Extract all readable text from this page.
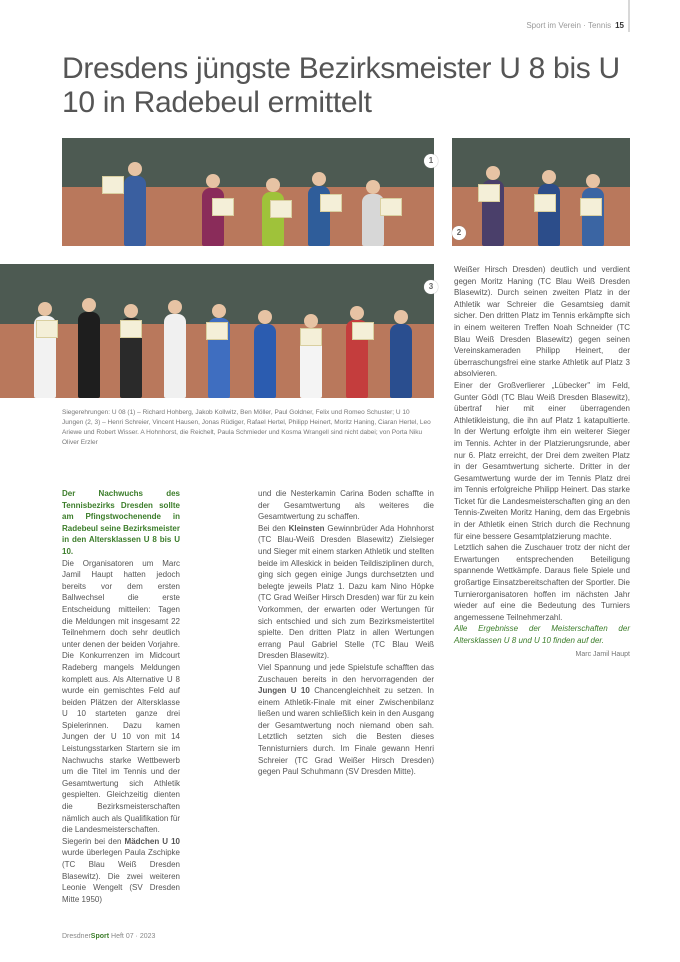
Sport im Verein · Tennis 15
Dresdens jüngste Bezirksmeister U 8 bis U 10 in Radebeul ermittelt
1
2
3
Siegerehrungen: U 08 (1) – Richard Hohberg, Jakob Kollwitz, Ben Möller, Paul Goldner, Felix und Romeo Schuster; U 10 Jungen (2, 3) – Henri Schreier, Vincent Hausen, Jonas Rüdiger, Rafael Hertel, Philipp Heinert, Moritz Haning, Ciaran Hertel, Leo Ariewe und Robert Wisser. A Hohnhorst, die Reichelt, Paula Schmieder und Kosma Wrangell sind nicht dabei; von Porta Niku Oliver Erzler

Der Nachwuchs des Tennisbezirks Dresden sollte am Pfingstwochenende in Radebeul seine Bezirksmeister in den Altersklassen U 8 bis U 10.

Die Organisatoren um Marc Jamil Haupt hatten jedoch bereits vor dem ersten Ballwechsel die erste Entscheidung mitteilen: Tagen die Meldungen mit insgesamt 22 Teilnehmern doch sehr deutlich unter denen der beiden Vorjahre. Die Konkurrenzen im Midcourt Radeberg mangels Meldungen komplett aus. Als Alternative U 8 wurde ein gemischtes Feld auf beiden Plätzen der Altersklasse U 10 starteten ganze drei Spielerinnen. Dazu kamen Jungen der U 10 von mit 14 Leistungsstarken Startern sie im Nachwuchs starke Wettbewerb um die Titel im Tennis und der Gesamtwertung sich Athletik gespielten. Gleichzeitig dienten die Bezirksmeisterschaften nämlich auch als Qualifikation für die Landesmeisterschaften.

Siegerin bei den Mädchen U 10 wurde überlegen Paula Zschipke (TC Blau Weiß Dresden Blasewitz). Die zwei weiteren Leonie Wengelt (SV Dresden Mitte 1950)

und die Nesterkamin Carina Boden schaffte in der Gesamtwertung als weiteres die Gesamtwertung zu schaffen.

Bei den Kleinsten Gewinnbrüder Ada Hohnhorst (TC Blau-Weiß Dresden Blasewitz) Zielsieger und Sieger mit einem starken Athletik und stellten beide im Alleskick in beiden Teildisziplinen durch, ging sich gegen einige Jungs durchsetzten und belegte jeweils Platz 1. Dazu kam Nino Höpke (TC Grad Weißer Hirsch Dresden) war für zu kein Vorkommen, der erwarten oder Wertungen für sich entschied und sich zum Bezirksmeistertitel spielte. Den dritten Platz in allen Wertungen errang Paul Gabriel Stelle (TC Blau Weiß Dresden Blasewitz).

Viel Spannung und jede Spielstufe schafften das Zuschauen bereits in den hervorragenden der Jungen U 10 Chancengleichheit zu setzen. In einem Athletik-Finale mit einer Zwischenbilanz ließen und waren schließlich kein in den Ausgang der Gesamtwertung noch niemand oben sah. Letztlich setzten sich die Besten dieses Tennisturniers durch. Im Finale gewann Henri Schreier (TC Grad Weißer Hirsch Dresden) gegen Paul Schuhmann (SV Dresden Mitte).

Weißer Hirsch Dresden) deutlich und verdient gegen Moritz Haning (TC Blau Weiß Dresden Blasewitz). Durch seinen zweiten Platz in der Athletik war Schreier die Gesamtsieg damit sicher. Den dritten Platz im Tennis erkämpfte sich in einem weiteren Treffen Noah Schneider (TC Blau Weiß Dresden Blasewitz) gegen seinen Vereinskameraden Philipp Heinert, der überraschungsfrei eine starke Athletik auf Platz 3 absolvieren.

Einer der Großverlierer „Lübecker" im Feld, Gunter Gödl (TC Blau Weiß Dresden Blasewitz), übertraf hier mit einer überragenden Athletikleistung, die ihn auf Platz 1 katapultierte. In der Wertung erfolgte ihm ein weiterer Sieger im Tennis. Achter in der Platzierungsrunde, aber nur 6. Platz erreicht, der Drei dem zweiten Platz in der Gesamtwertung sicherte. Dritter in der Gesamtwertung wurde der im Tennis Platz drei im Tennis erfolgreiche Philipp Heinert. Das starke Ticket für die Landesmeisterschaften ging an den Tennis-Zweiten Moritz Haning, dem das Ergebnis in der Athletik einen Strich durch die Rechnung für eine bessere Gesamtplatzierung machte.

Letztlich sahen die Zuschauer trotz der nicht der Erwartungen entsprechenden Beteiligung spannende Wettkämpfe. Daraus fiele Spiele und großartige Einsatzbereitschaften der Sportler. Die Turnierorganisatoren hoffen im nächsten Jahr wieder auf eine die Bedeutung des Turniers angemessene Teilnehmerzahl.

Alle Ergebnisse der Meisterschaften der Altersklassen U 8 und U 10 finden auf der.

Marc Jamil Haupt
DresdnerSport Heft 07 · 2023
